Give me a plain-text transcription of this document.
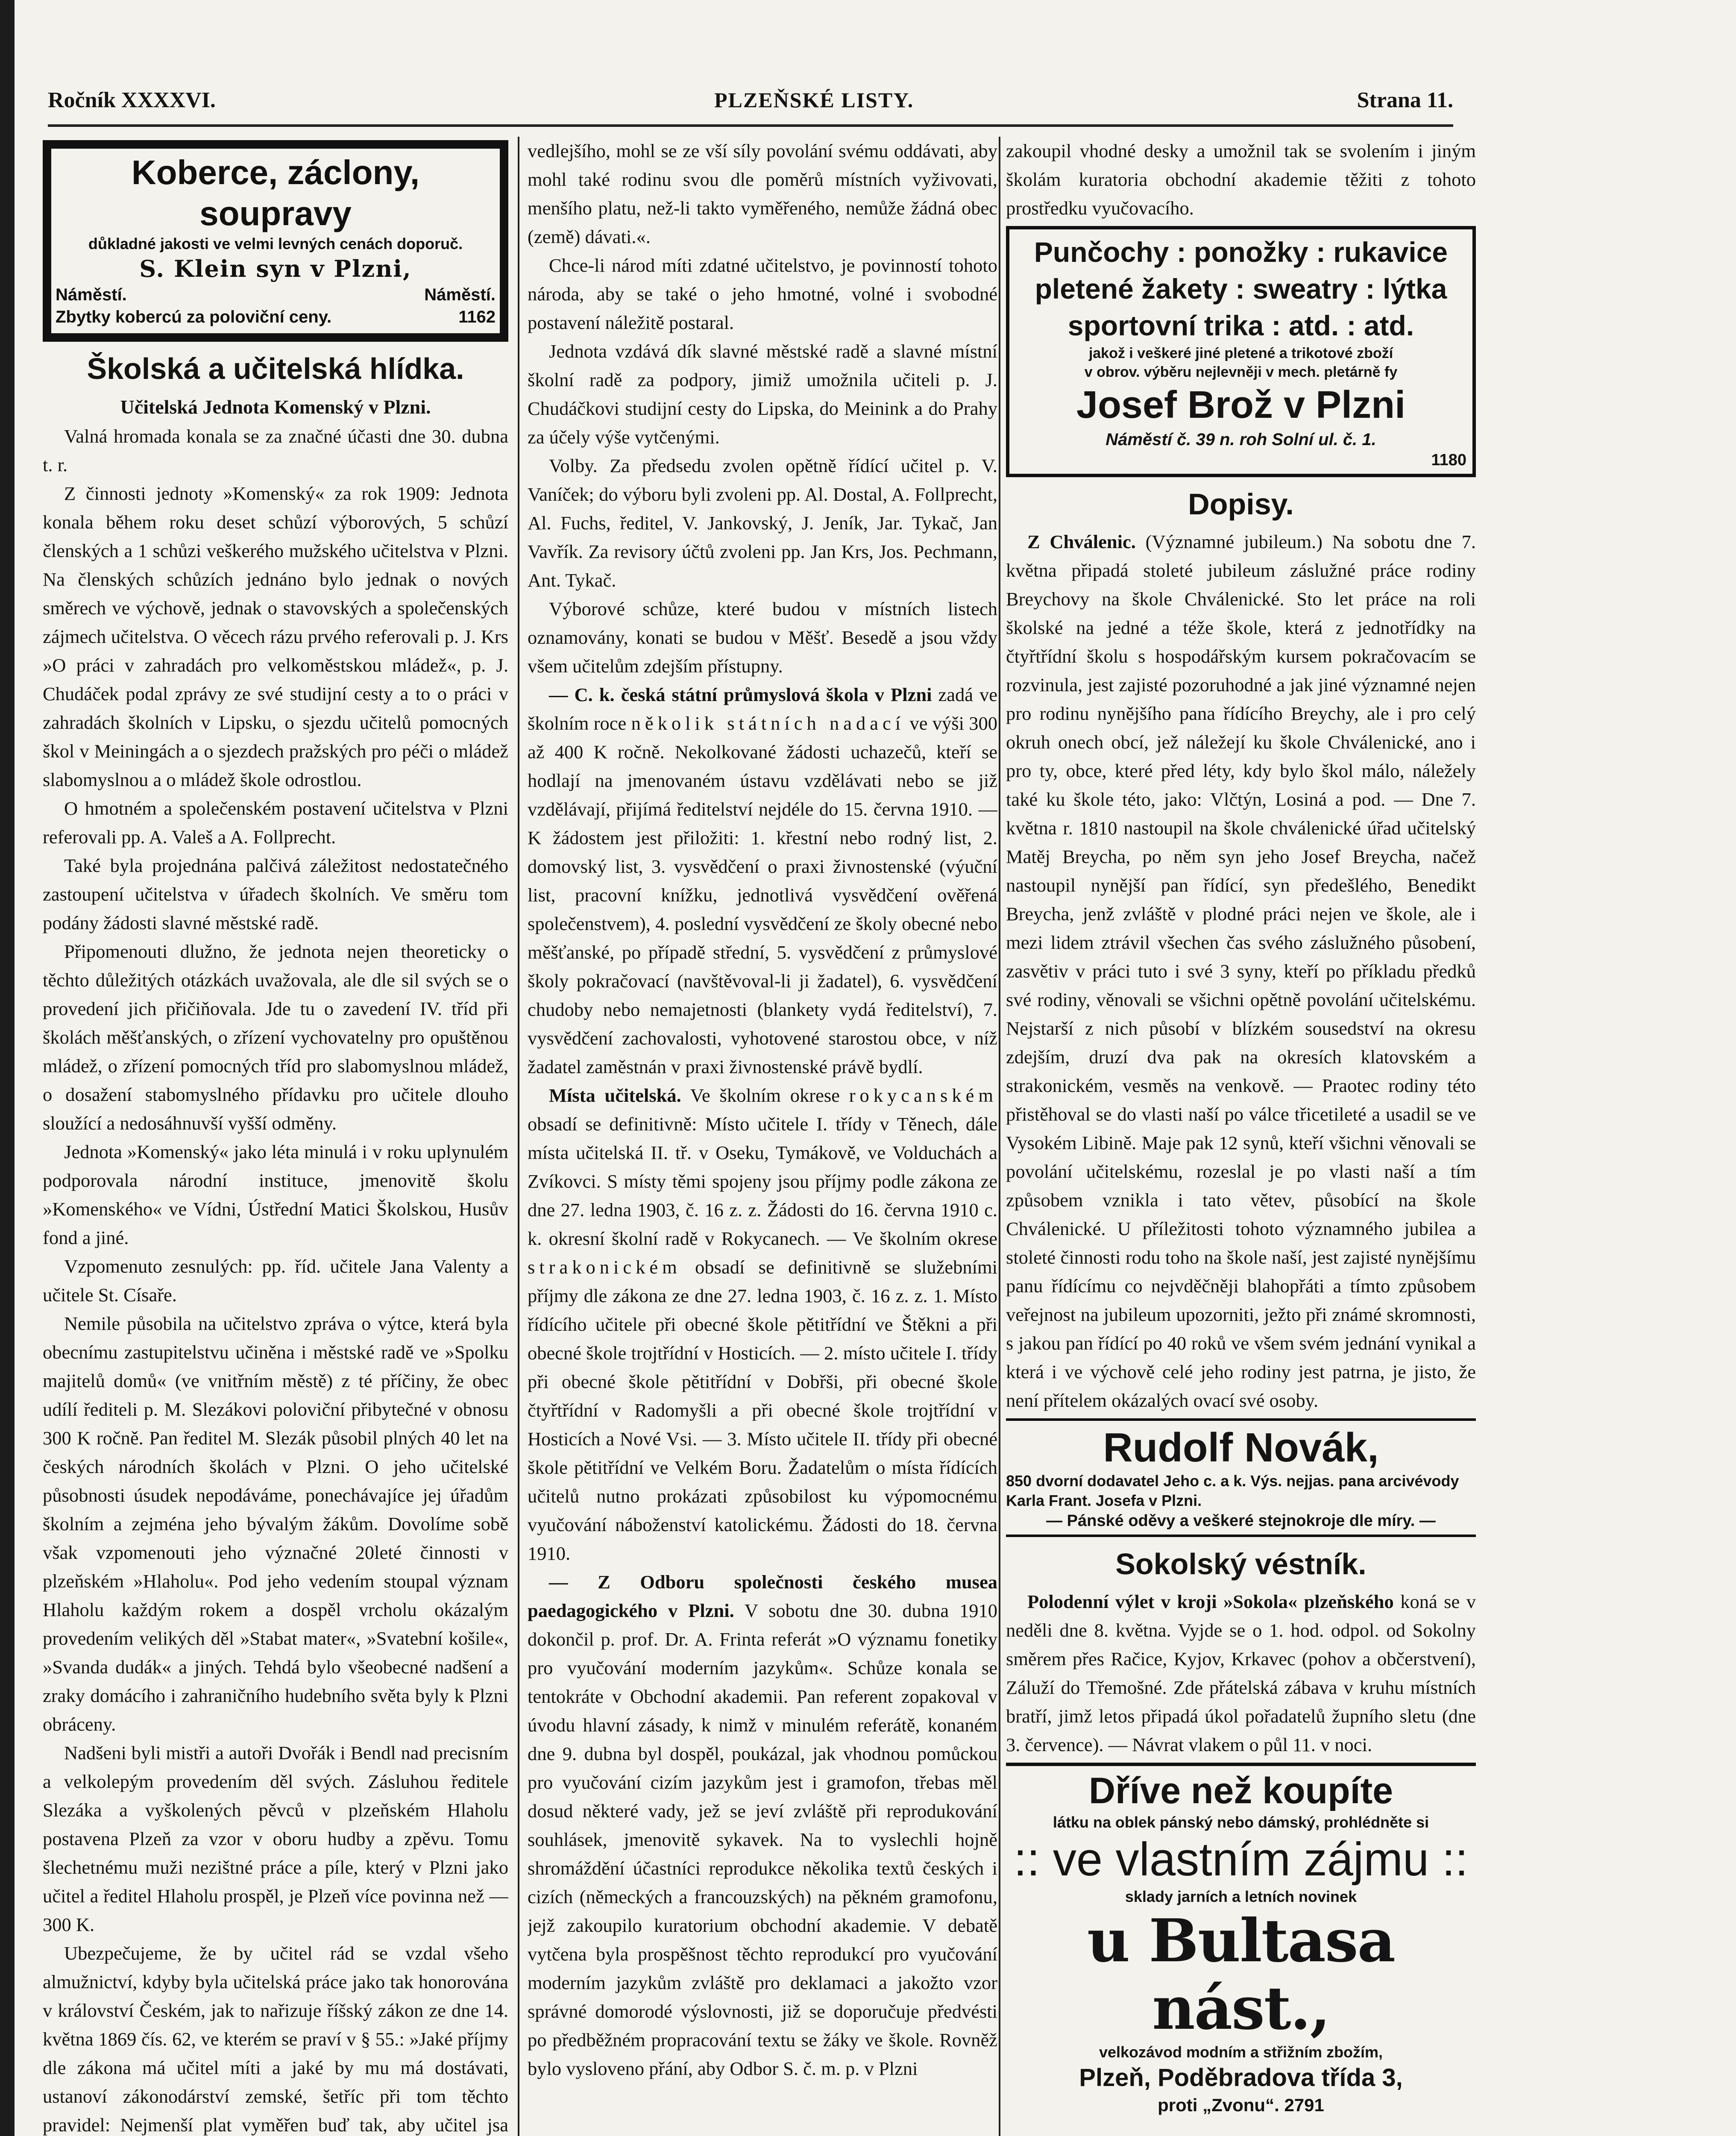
Ročník XXXXVI.	PLZEŇSKÉ LISTY.	Strana 11.
Koberce, záclony, soupravy
důkladné jakosti ve velmi levných cenách doporuč.
S. Klein syn v Plzni,
Náměstí.	Náměstí.
Zbytky kobercú za poloviční ceny.	1162
Školská a učitelská hlídka.
Učitelská Jednota Komenský v Plzni.

Valná hromada konala se za značné účasti dne 30. dubna t. r.

Z činnosti jednoty »Komenský« za rok 1909: Jednota konala během roku deset schůzí výborových, 5 schůzí členských a 1 schůzi veškerého mužského učitelstva v Plzni. Na členských schůzích jednáno bylo jednak o nových směrech ve výchově, jednak o stavovských a společenských zájmech učitelstva. O věcech rázu prvého referovali p. J. Krs »O práci v zahradách pro velkoměstskou mládež«, p. J. Chudáček podal zprávy ze své studijní cesty a to o práci v zahradách školních v Lipsku, o sjezdu učitelů pomocných škol v Meiningách a o sjezdech pražských pro péči o mládež slabomyslnou a o mládež škole odrostlou.

O hmotném a společenském postavení učitelstva v Plzni referovali pp. A. Valeš a A. Follprecht.

Také byla projednána palčivá záležitost nedostatečného zastoupení učitelstva v úřadech školních. Ve směru tom podány žádosti slavné městské radě.

Připomenouti dlužno, že jednota nejen theoreticky o těchto důležitých otázkách uvažovala, ale dle sil svých se o provedení jich přičiňovala. Jde tu o zavedení IV. tříd při školách měšťanských, o zřízení vychovatelny pro opuštěnou mládež, o zřízení pomocných tříd pro slabomyslnou mládež, o dosažení stabomyslného přídavku pro učitele dlouho sloužící a nedosáhnuvší vyšší odměny.

Jednota »Komenský« jako léta minulá i v roku uplynulém podporovala národní instituce, jmenovitě školu »Komenského« ve Vídni, Ústřední Matici Školskou, Husův fond a jiné.

Vzpomenuto zesnulých: pp. říd. učitele Jana Valenty a učitele St. Císaře.

Nemile působila na učitelstvo zpráva o výtce, která byla obecnímu zastupitelstvu učiněna i městské radě ve »Spolku majitelů domů« (ve vnitřním městě) z té příčiny, že obec udílí řediteli p. M. Slezákovi poloviční přibytečné v obnosu 300 K ročně. Pan ředitel M. Slezák působil plných 40 let na českých národních školách v Plzni. O jeho učitelské působnosti úsudek nepodáváme, ponechávajíce jej úřadům školním a zejména jeho bývalým žákům. Dovolíme sobě však vzpomenouti jeho význačné 20leté činnosti v plzeňském »Hlaholu«. Pod jeho vedením stoupal význam Hlaholu každým rokem a dospěl vrcholu okázalým provedením velikých děl »Stabat mater«, »Svatební košile«, »Svanda dudák« a jiných. Tehdá bylo všeobecné nadšení a zraky domácího i zahraničního hudebního světa byly k Plzni obráceny.

Nadšeni byli mistři a autoři Dvořák i Bendl nad precisním a velkolepým provedením děl svých. Zásluhou ředitele Slezáka a vyškolených pěvců v plzeňském Hlaholu postavena Plzeň za vzor v oboru hudby a zpěvu. Tomu šlechetnému muži nezištné práce a píle, který v Plzni jako učitel a ředitel Hlaholu prospěl, je Plzeň více povinna než — 300 K.

Ubezpečujeme, že by učitel rád se vzdal všeho almužnictví, kdyby byla učitelská práce jako tak honorována v království Českém, jak to nařizuje říšský zákon ze dne 14. května 1869 čís. 62, ve kterém se praví v § 55.: »Jaké příjmy dle zákona má učitel míti a jaké by mu má dostávati, ustanoví zákonodárství zemské, šetříc při tom těchto pravidel: Nejmenší plat vyměřen buď tak, aby učitel jsa

vedlejšího, mohl se ze vší síly povolání svému oddávati, aby mohl také rodinu svou dle poměrů místních vyživovati, menšího platu, než-li takto vyměřeného, nemůže žádná obec (země) dávati.«.

Chce-li národ míti zdatné učitelstvo, je povinností tohoto národa, aby se také o jeho hmotné, volné i svobodné postavení náležitě postaral.

Jednota vzdává dík slavné městské radě a slavné místní školní radě za podpory, jimiž umožnila učiteli p. J. Chudáčkovi studijní cesty do Lipska, do Meinink a do Prahy za účely výše vytčenými.

Volby. Za předsedu zvolen opětně řídící učitel p. V. Vaníček; do výboru byli zvoleni pp. Al. Dostal, A. Follprecht, Al. Fuchs, ředitel, V. Jankovský, J. Jeník, Jar. Tykač, Jan Vavřík. Za revisory účtů zvoleni pp. Jan Krs, Jos. Pechmann, Ant. Tykač.

Výborové schůze, které budou v místních listech oznamovány, konati se budou v Měšť. Besedě a jsou vždy všem učitelům zdejším přístupny.

— C. k. česká státní průmyslová škola v Plzni zadá ve školním roce několik státních nadací ve výši 300 až 400 K ročně. Nekolkované žádosti uchazečů, kteří se hodlají na jmenovaném ústavu vzdělávati nebo se již vzdělávají, přijímá ředitelství nejdéle do 15. června 1910. — K žádostem jest přiložiti: 1. křestní nebo rodný list, 2. domovský list, 3. vysvědčení o praxi živnostenské (výuční list, pracovní knížku, jednotlivá vysvědčení ověřená společenstvem), 4. poslední vysvědčení ze školy obecné nebo měšťanské, po případě střední, 5. vysvědčení z průmyslové školy pokračovací (navštěvoval-li ji žadatel), 6. vysvědčení chudoby nebo nemajetnosti (blankety vydá ředitelství), 7. vysvědčení zachovalosti, vyhotovené starostou obce, v níž žadatel zaměstnán v praxi živnostenské právě bydlí.

Místa učitelská. Ve školním okrese rokycanském obsadí se definitivně: Místo učitele I. třídy v Těnech, dále místa učitelská II. tř. v Oseku, Tymákově, ve Volduchách a Zvíkovci. S místy těmi spojeny jsou příjmy podle zákona ze dne 27. ledna 1903, č. 16 z. z. Žádosti do 16. června 1910 c. k. okresní školní radě v Rokycanech. — Ve školním okrese strakonickém obsadí se definitivně se služebními příjmy dle zákona ze dne 27. ledna 1903, č. 16 z. z. 1. Místo řídícího učitele při obecné škole pětitřídní ve Štěkni a při obecné škole trojtřídní v Hosticích. — 2. místo učitele I. třídy při obecné škole pětitřídní v Dobřši, při obecné škole čtyřtřídní v Radomyšli a při obecné škole trojtřídní v Hosticích a Nové Vsi. — 3. Místo učitele II. třídy při obecné škole pětitřídní ve Velkém Boru. Žadatelům o místa řídících učitelů nutno prokázati způsobilost ku výpomocnému vyučování náboženství katolickému. Žádosti do 18. června 1910.

— Z Odboru společnosti českého musea paedagogického v Plzni. V sobotu dne 30. dubna 1910 dokončil p. prof. Dr. A. Frinta referát »O významu fonetiky pro vyučování moderním jazykům«. Schůze konala se tentokráte v Obchodní akademii. Pan referent zopakoval v úvodu hlavní zásady, k nimž v minulém referátě, konaném dne 9. dubna byl dospěl, poukázal, jak vhodnou pomůckou pro vyučování cizím jazykům jest i gramofon, třebas měl dosud některé vady, jež se jeví zvláště při reprodukování souhlásek, jmenovitě sykavek. Na to vyslechli hojně shromáždění účastníci reprodukce několika textů českých i cizích (německých a francouzských) na pěkném gramofonu, jejž zakoupilo kuratorium obchodní akademie. V debatě vytčena byla prospěšnost těchto reprodukcí pro vyučování moderním jazykům zvláště pro deklamaci a jakožto vzor správné domorodé výslovnosti, již se doporučuje předvésti po předběžném propracování textu se žáky ve škole. Rovněž bylo vysloveno přání, aby Odbor S. č. m. p. v Plzni

zakoupil vhodné desky a umožnil tak se svolením i jiným školám kuratoria obchodní akademie těžiti z tohoto prostředku vyučovacího.

Punčochy : ponožky : rukavice
pletené žakety : sweatry : lýtka
sportovní trika : atd. : atd.
jakož i veškeré jiné pletené a trikotové zboží
v obrov. výběru nejlevněji v mech. pletárně fy
Josef Brož v Plzni
Náměstí č. 39 n. roh Solní ul. č. 1.
1180
Dopisy.

Z Chválenic. (Významné jubileum.) Na sobotu dne 7. května připadá stoleté jubileum záslužné práce rodiny Breychovy na škole Chválenické. Sto let práce na roli školské na jedné a téže škole, která z jednotřídky na čtyřtřídní školu s hospodářským kursem pokračovacím se rozvinula, jest zajisté pozoruhodné a jak jiné významné nejen pro rodinu nynějšího pana řídícího Breychy, ale i pro celý okruh onech obcí, jež náležejí ku škole Chválenické, ano i pro ty, obce, které před léty, kdy bylo škol málo, náležely také ku škole této, jako: Vlčtýn, Losiná a pod. — Dne 7. května r. 1810 nastoupil na škole chválenické úřad učitelský Matěj Breycha, po něm syn jeho Josef Breycha, načež nastoupil nynější pan řídící, syn předešlého, Benedikt Breycha, jenž zvláště v plodné práci nejen ve škole, ale i mezi lidem ztrávil všechen čas svého záslužného působení, zasvětiv v práci tuto i své 3 syny, kteří po příkladu předků své rodiny, věnovali se všichni opětně povolání učitelskému. Nejstarší z nich působí v blízkém sousedství na okresu zdejším, druzí dva pak na okresích klatovském a strakonickém, vesměs na venkově. — Praotec rodiny této přistěhoval se do vlasti naší po válce třicetileté a usadil se ve Vysokém Libině. Maje pak 12 synů, kteří všichni věnovali se povolání učitelskému, rozeslal je po vlasti naší a tím způsobem vznikla i tato větev, působící na škole Chválenické. U příležitosti tohoto významného jubilea a stoleté činnosti rodu toho na škole naší, jest zajisté nynějšímu panu řídícímu co nejvděčněji blahopřáti a tímto způsobem veřejnost na jubileum upozorniti, ježto při známé skromnosti, s jakou pan řídící po 40 roků ve všem svém jednání vynikal a která i ve výchově celé jeho rodiny jest patrna, je jisto, že není přítelem okázalých ovací své osoby.

Rudolf Novák,
850 dvorní dodavatel Jeho c. a k. Výs. nejjas. pana arcivévody Karla Frant. Josefa v Plzni.
— Pánské oděvy a veškeré stejnokroje dle míry. —
Sokolský véstník.

Polodenní výlet v kroji »Sokola« plzeňského koná se v neděli dne 8. května. Vyjde se o 1. hod. odpol. od Sokolny směrem přes Račice, Kyjov, Krkavec (pohov a občerstvení), Záluží do Třemošné. Zde přátelská zábava v kruhu místních bratří, jimž letos připadá úkol pořadatelů župního sletu (dne 3. července). — Návrat vlakem o půl 11. v noci.

Dříve než koupíte
látku na oblek pánský nebo dámský, prohlédněte si
:: ve vlastním zájmu ::
sklady jarních a letních novinek
u Bultasa nást.,
velkozávod modním a střižním zbožím,
Plzeň, Poděbradova třída 3,
proti „Zvonu“. 2791
